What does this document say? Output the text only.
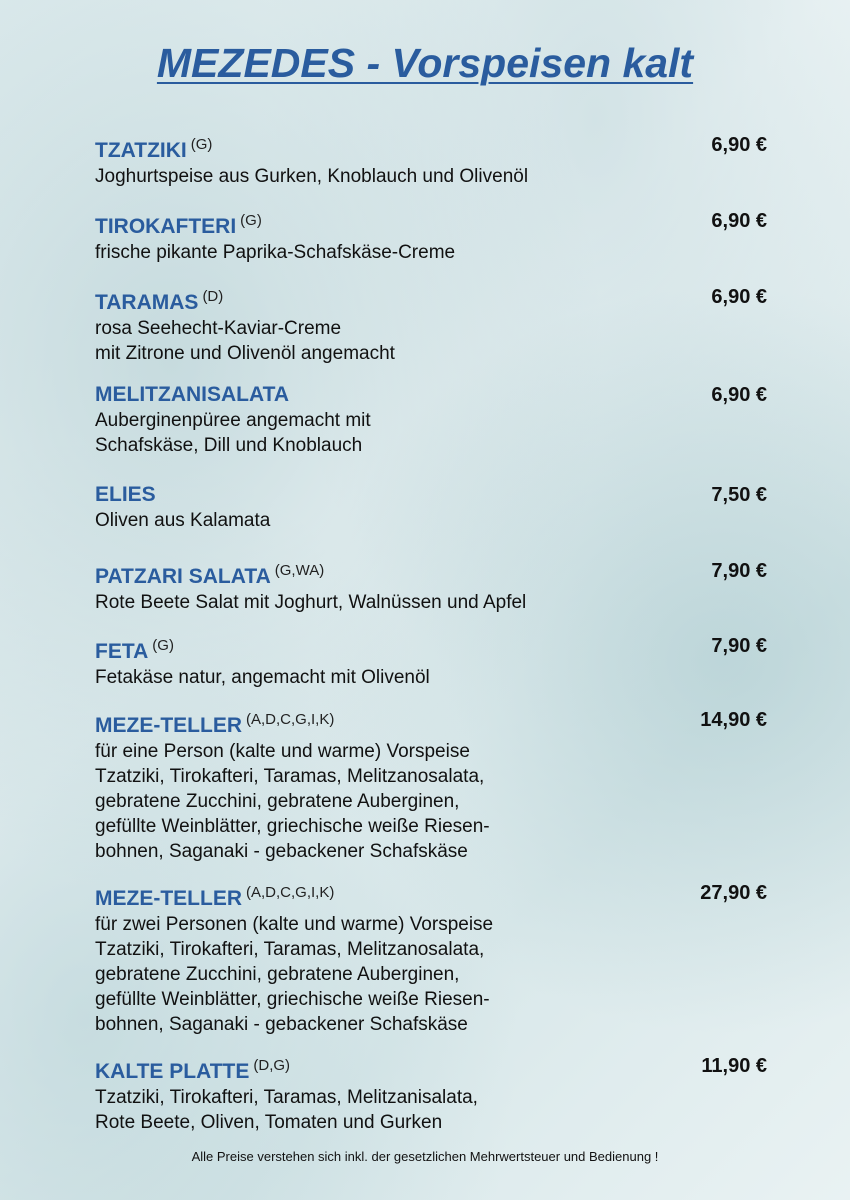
MEZEDES - Vorspeisen kalt
TZATZIKI $^{(G)}$	6,90 €
Joghurtspeise aus Gurken, Knoblauch und Olivenöl
TIROKAFTERI $^{(G)}$	6,90 €
frische pikante Paprika-Schafskäse-Creme
TARAMAS $^{(D)}$	6,90 €
rosa Seehecht-Kaviar-Creme
mit Zitrone und Olivenöl angemacht
MELITZANISALATA	6,90 €
Auberginenpüree angemacht mit
Schafskäse, Dill und Knoblauch
ELIES	7,50 €
Oliven aus Kalamata
PATZARI SALATA $^{(G,WA)}$	7,90 €
Rote Beete Salat mit Joghurt, Walnüssen und Apfel
FETA $^{(G)}$	7,90 €
Fetakäse natur, angemacht mit Olivenöl
MEZE-TELLER $^{(A,D,C,G,I,K)}$	14,90 €
für eine Person (kalte und warme) Vorspeise
Tzatziki, Tirokafteri, Taramas, Melitzanosalata,
gebratene Zucchini, gebratene Auberginen,
gefüllte Weinblätter, griechische weiße Riesen-
bohnen, Saganaki - gebackener Schafskäse
MEZE-TELLER $^{(A,D,C,G,I,K)}$	27,90 €
für zwei Personen (kalte und warme) Vorspeise
Tzatziki, Tirokafteri, Taramas, Melitzanosalata,
gebratene Zucchini, gebratene Auberginen,
gefüllte Weinblätter, griechische weiße Riesen-
bohnen, Saganaki - gebackener Schafskäse
KALTE PLATTE $^{(D,G)}$	11,90 €
Tzatziki, Tirokafteri, Taramas, Melitzanisalata,
Rote Beete, Oliven, Tomaten und Gurken
Alle Preise verstehen sich inkl. der gesetzlichen Mehrwertsteuer und Bedienung !
